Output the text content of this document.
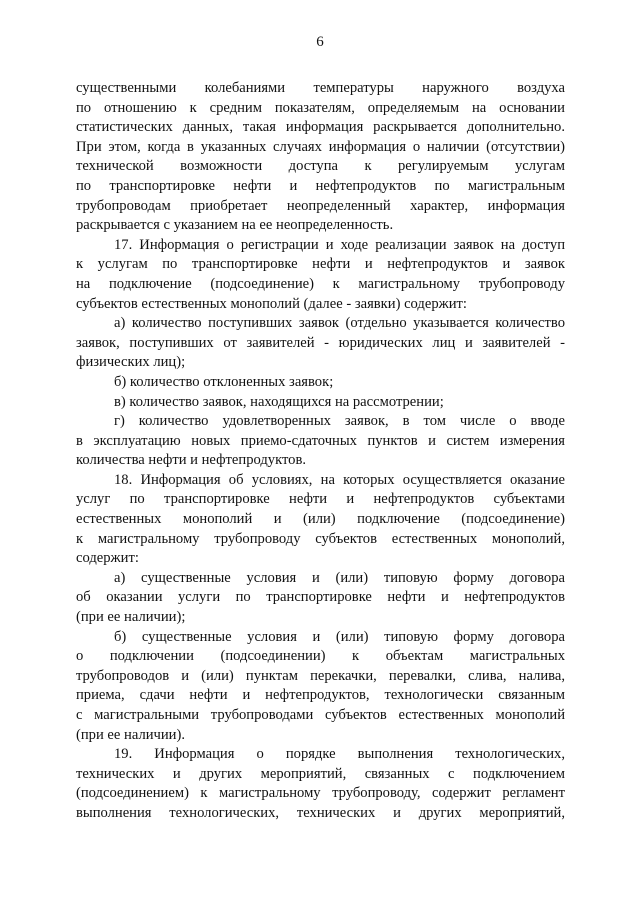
6
существенными колебаниями температуры наружного воздуха
по отношению к средним показателям, определяемым на основании
статистических данных, такая информация раскрывается дополнительно.
При этом, когда в указанных случаях информация о наличии (отсутствии)
технической возможности доступа к регулируемым услугам
по транспортировке нефти и нефтепродуктов по магистральным
трубопроводам приобретает неопределенный характер, информация
раскрывается с указанием на ее неопределенность.
17. Информация о регистрации и ходе реализации заявок на доступ
к услугам по транспортировке нефти и нефтепродуктов и заявок
на подключение (подсоединение) к магистральному трубопроводу
субъектов естественных монополий (далее - заявки) содержит:
а) количество поступивших заявок (отдельно указывается количество
заявок, поступивших от заявителей - юридических лиц и заявителей -
физических лиц);
б) количество отклоненных заявок;
в) количество заявок, находящихся на рассмотрении;
г) количество удовлетворенных заявок, в том числе о вводе
в эксплуатацию новых приемо-сдаточных пунктов и систем измерения
количества нефти и нефтепродуктов.
18. Информация об условиях, на которых осуществляется оказание
услуг по транспортировке нефти и нефтепродуктов субъектами
естественных монополий и (или) подключение (подсоединение)
к магистральному трубопроводу субъектов естественных монополий,
содержит:
а) существенные условия и (или) типовую форму договора
об оказании услуги по транспортировке нефти и нефтепродуктов
(при ее наличии);
б) существенные условия и (или) типовую форму договора
о подключении (подсоединении) к объектам магистральных
трубопроводов и (или) пунктам перекачки, перевалки, слива, налива,
приема, сдачи нефти и нефтепродуктов, технологически связанным
с магистральными трубопроводами субъектов естественных монополий
(при ее наличии).
19. Информация о порядке выполнения технологических,
технических и других мероприятий, связанных с подключением
(подсоединением) к магистральному трубопроводу, содержит регламент
выполнения технологических, технических и других мероприятий,
